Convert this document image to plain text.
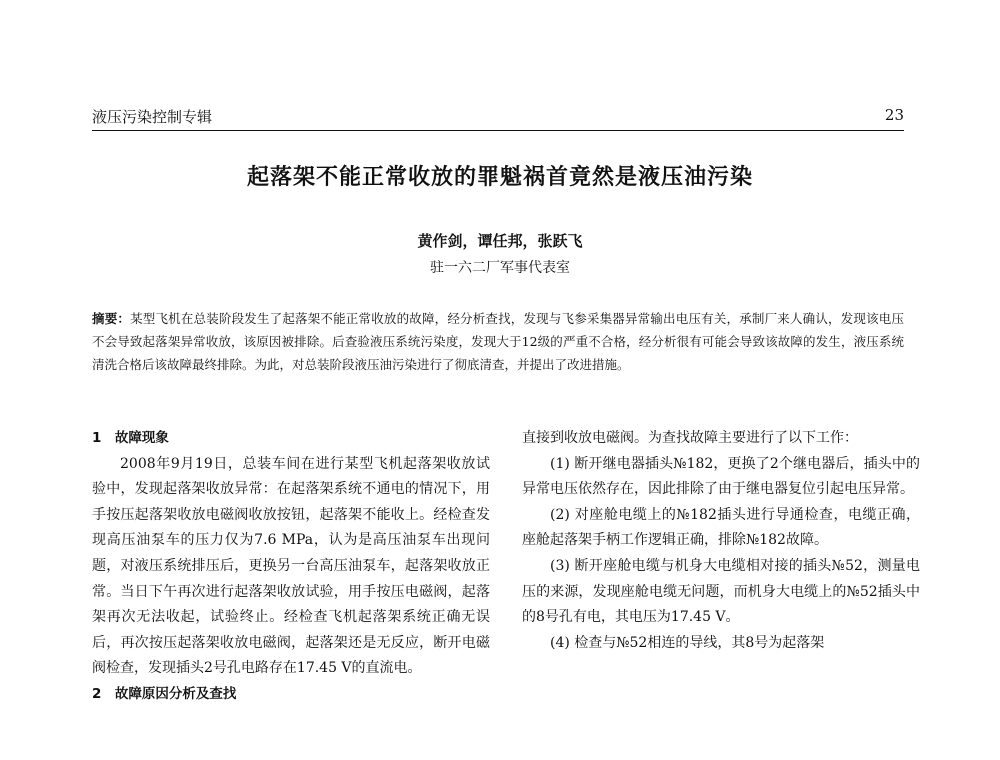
液压污染控制专辑	23
起落架不能正常收放的罪魁祸首竟然是液压油污染
黄作剑，谭任邦，张跃飞
驻一六二厂军事代表室
摘要：某型飞机在总装阶段发生了起落架不能正常收放的故障，经分析查找，发现与飞参采集器异常输出电压有关，承制厂来人确认，发现该电压不会导致起落架异常收放，该原因被排除。后查验液压系统污染度，发现大于12级的严重不合格，经分析很有可能会导致该故障的发生，液压系统清洗合格后该故障最终排除。为此，对总装阶段液压油污染进行了彻底清查，并提出了改进措施。

1　故障现象

2008年9月19日，总装车间在进行某型飞机起落架收放试验中，发现起落架收放异常：在起落架系统不通电的情况下，用手按压起落架收放电磁阀收放按钮，起落架不能收上。经检查发现高压油泵车的压力仅为7.6 MPa，认为是高压油泵车出现问题，对液压系统排压后，更换另一台高压油泵车，起落架收放正常。当日下午再次进行起落架收放试验，用手按压电磁阀，起落架再次无法收起，试验终止。经检查飞机起落架系统正确无误后，再次按压起落架收放电磁阀，起落架还是无反应，断开电磁阀检查，发现插头2号孔电路存在17.45 V的直流电。

2　故障原因分析及查找

直接到收放电磁阀。为查找故障主要进行了以下工作：

(1) 断开继电器插头№182，更换了2个继电器后，插头中的异常电压依然存在，因此排除了由于继电器复位引起电压异常。

(2) 对座舱电缆上的№182插头进行导通检查，电缆正确，座舱起落架手柄工作逻辑正确，排除№182故障。

(3) 断开座舱电缆与机身大电缆相对接的插头№52，测量电压的来源，发现座舱电缆无问题，而机身大电缆上的№52插头中的8号孔有电，其电压为17.45 V。

(4) 检查与№52相连的导线，其8号为起落架
